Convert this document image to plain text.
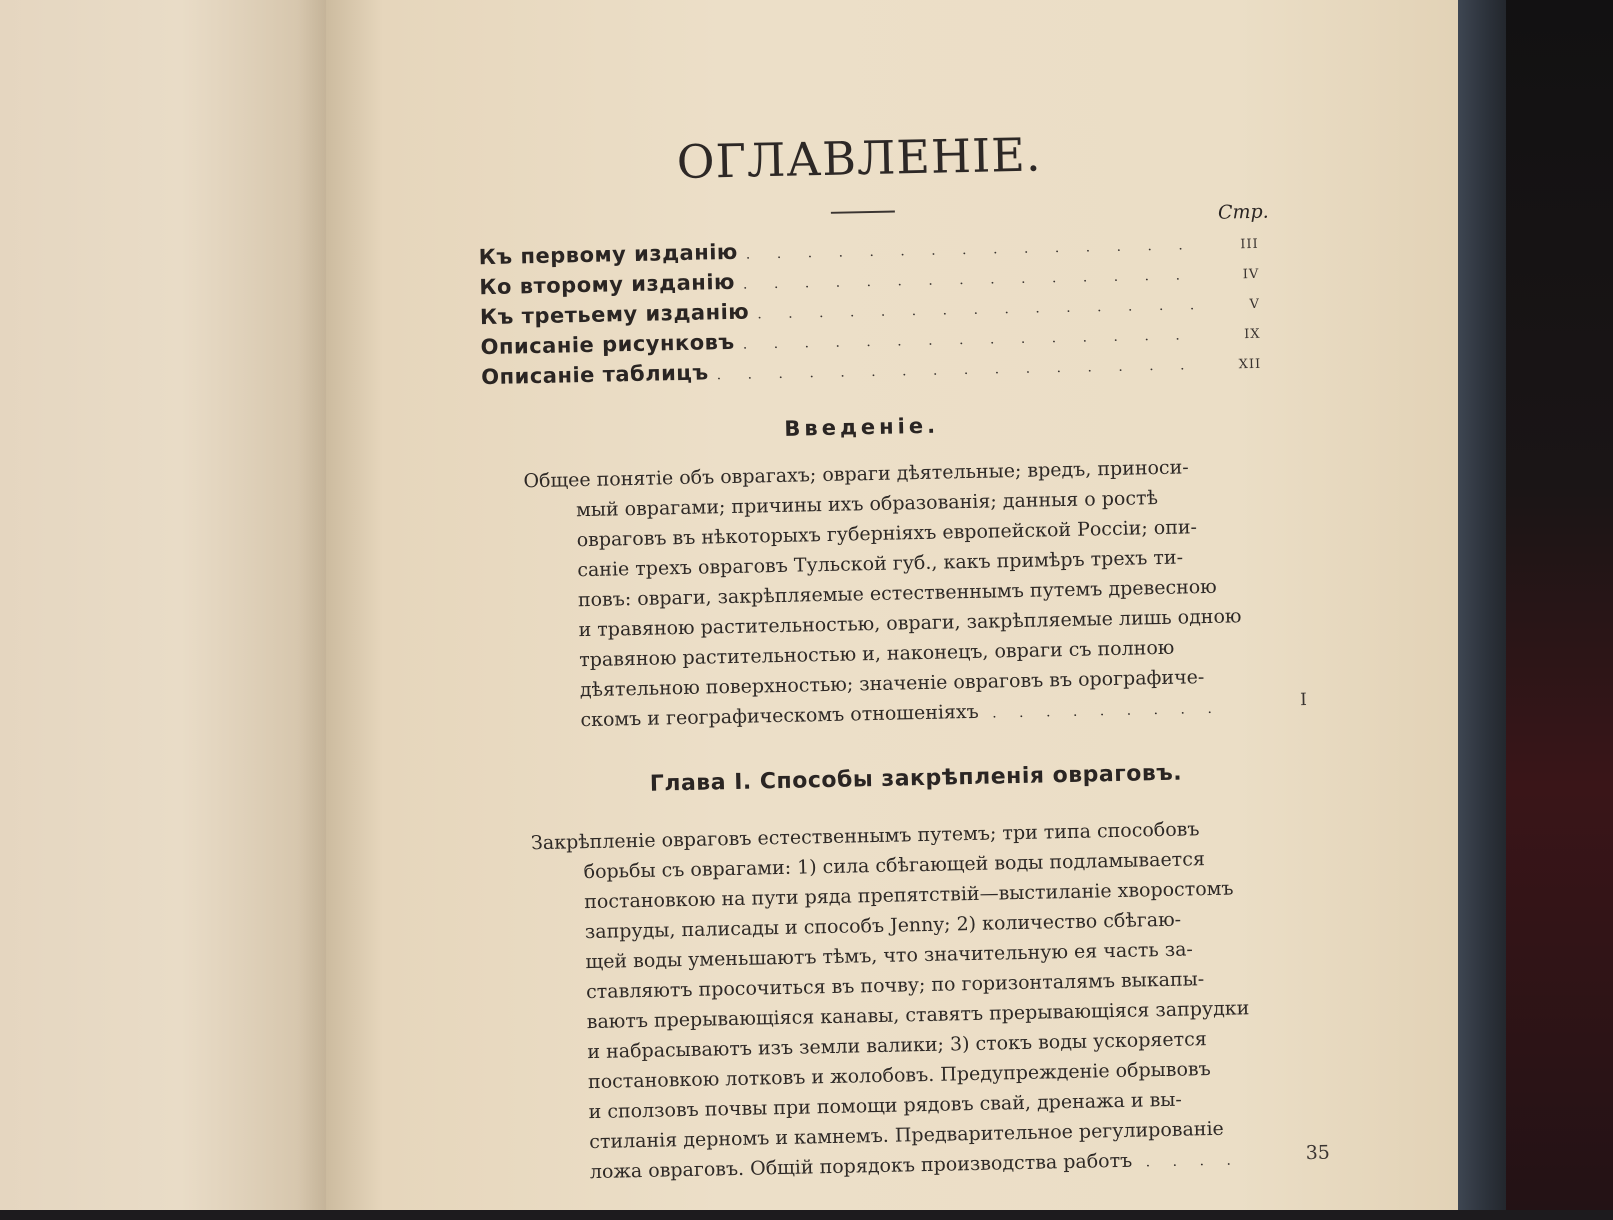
ОГЛАВЛЕНІЕ.
Стр.
Къ первому изданію . . .	III
Ко второму изданію . . .	IV
Къ третьему изданію . . .	V
Описаніе рисунковъ . . .	IX
Описаніе таблицъ . . .	XII
Введеніе.
Общее понятіе объ оврагахъ; овраги дѣятельные; вредъ, приноси-
мый оврагами; причины ихъ образованія; данныя о ростѣ
овраговъ въ нѣкоторыхъ губерніяхъ европейской Россіи; опи-
саніе трехъ овраговъ Тульской губ., какъ примѣръ трехъ ти-
повъ: овраги, закрѣпляемые естественнымъ путемъ древесною
и травяною растительностью, овраги, закрѣпляемые лишь одною
травяною растительностью и, наконецъ, овраги съ полною
дѣятельною поверхностью; значеніе овраговъ въ орографиче-
скомъ и географическомъ отношеніяхъ . . . . . . . . .
I
Глава I. Способы закрѣпленія овраговъ.
Закрѣпленіе овраговъ естественнымъ путемъ; три типа способовъ
борьбы съ оврагами: 1) сила сбѣгающей воды подламывается
постановкою на пути ряда препятствій—выстиланіе хворостомъ
запруды, палисады и способъ Jenny; 2) количество сбѣгаю-
щей воды уменьшаютъ тѣмъ, что значительную ея часть за-
ставляютъ просочиться въ почву; по горизонталямъ выкапы-
ваютъ прерывающіяся канавы, ставятъ прерывающіяся запрудки
и набрасываютъ изъ земли валики; 3) стокъ воды ускоряется
постановкою лотковъ и жолобовъ. Предупрежденіе обрывовъ
и сползовъ почвы при помощи рядовъ свай, дренажа и вы-
стиланія дерномъ и камнемъ. Предварительное регулированіе
ложа овраговъ. Общій порядокъ производства работъ . . . .	35
